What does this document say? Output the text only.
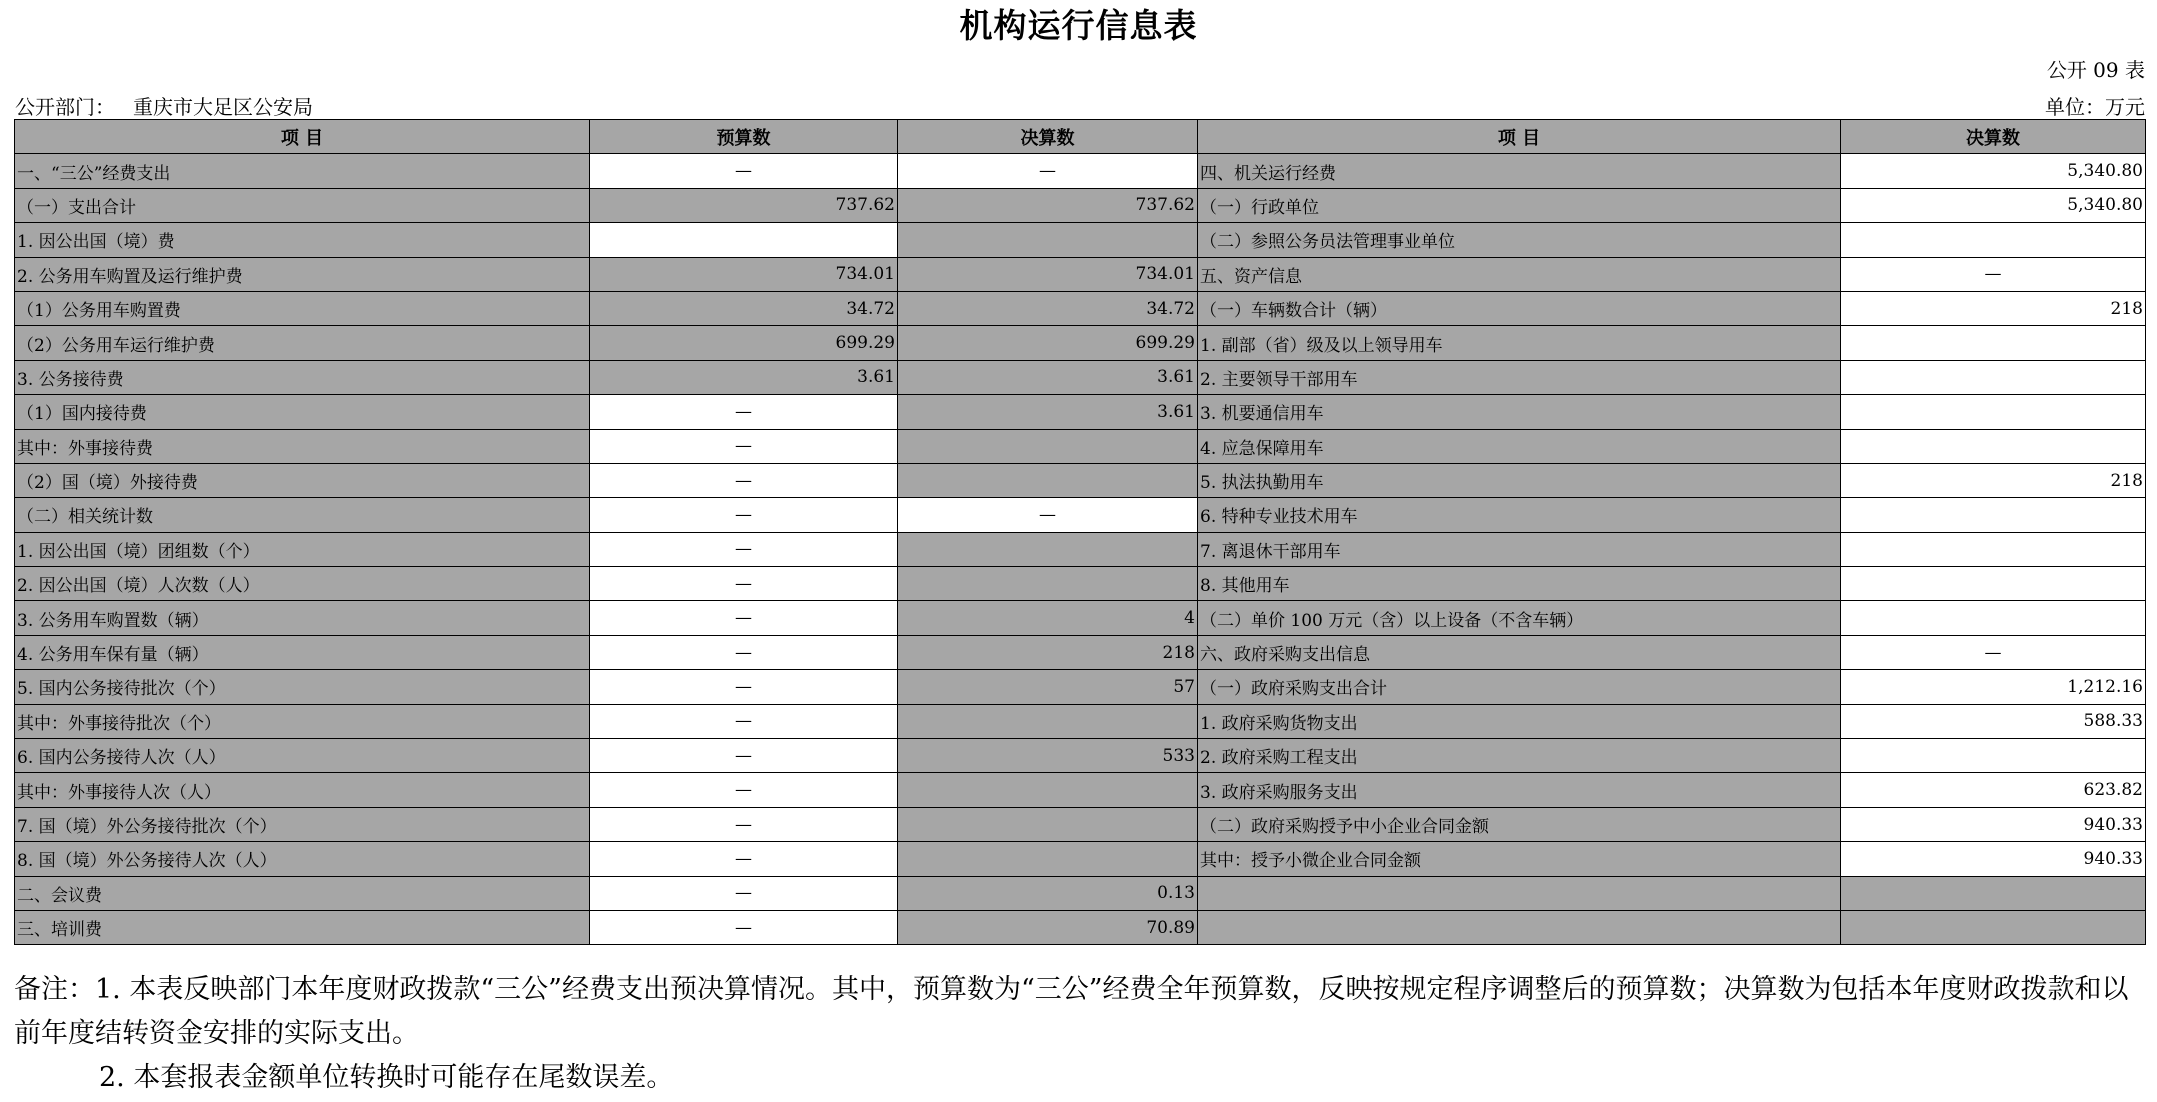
机构运行信息表
公开 09 表
公开部门： 重庆市大足区公安局	单位：万元
项 目	预算数	决算数	项 目	决算数
一、“三公”经费支出	—	—	四、机关运行经费	5,340.80
（一）支出合计	737.62	737.62	（一）行政单位	5,340.80
1. 因公出国（境）费			（二）参照公务员法管理事业单位	
2. 公务用车购置及运行维护费	734.01	734.01	五、资产信息	—
（1）公务用车购置费	34.72	34.72	（一）车辆数合计（辆）	218
（2）公务用车运行维护费	699.29	699.29	1. 副部（省）级及以上领导用车	
3. 公务接待费	3.61	3.61	2. 主要领导干部用车	
（1）国内接待费	—	3.61	3. 机要通信用车	
其中：外事接待费	—		4. 应急保障用车	
（2）国（境）外接待费	—		5. 执法执勤用车	218
（二）相关统计数	—	—	6. 特种专业技术用车	
1. 因公出国（境）团组数（个）	—		7. 离退休干部用车	
2. 因公出国（境）人次数（人）	—		8. 其他用车	
3. 公务用车购置数（辆）	—	4	（二）单价 100 万元（含）以上设备（不含车辆）	
4. 公务用车保有量（辆）	—	218	六、政府采购支出信息	—
5. 国内公务接待批次（个）	—	57	（一）政府采购支出合计	1,212.16
其中：外事接待批次（个）	—		1. 政府采购货物支出	588.33
6. 国内公务接待人次（人）	—	533	2. 政府采购工程支出	
其中：外事接待人次（人）	—		3. 政府采购服务支出	623.82
7. 国（境）外公务接待批次（个）	—		（二）政府采购授予中小企业合同金额	940.33
8. 国（境）外公务接待人次（人）	—		其中：授予小微企业合同金额	940.33
二、会议费	—	0.13		
三、培训费	—	70.89		
备注：1. 本表反映部门本年度财政拨款“三公”经费支出预决算情况。其中，预算数为“三公”经费全年预算数，反映按规定程序调整后的预算数；决算数为包括本年度财政拨款和以前年度结转资金安排的实际支出。
2. 本套报表金额单位转换时可能存在尾数误差。
